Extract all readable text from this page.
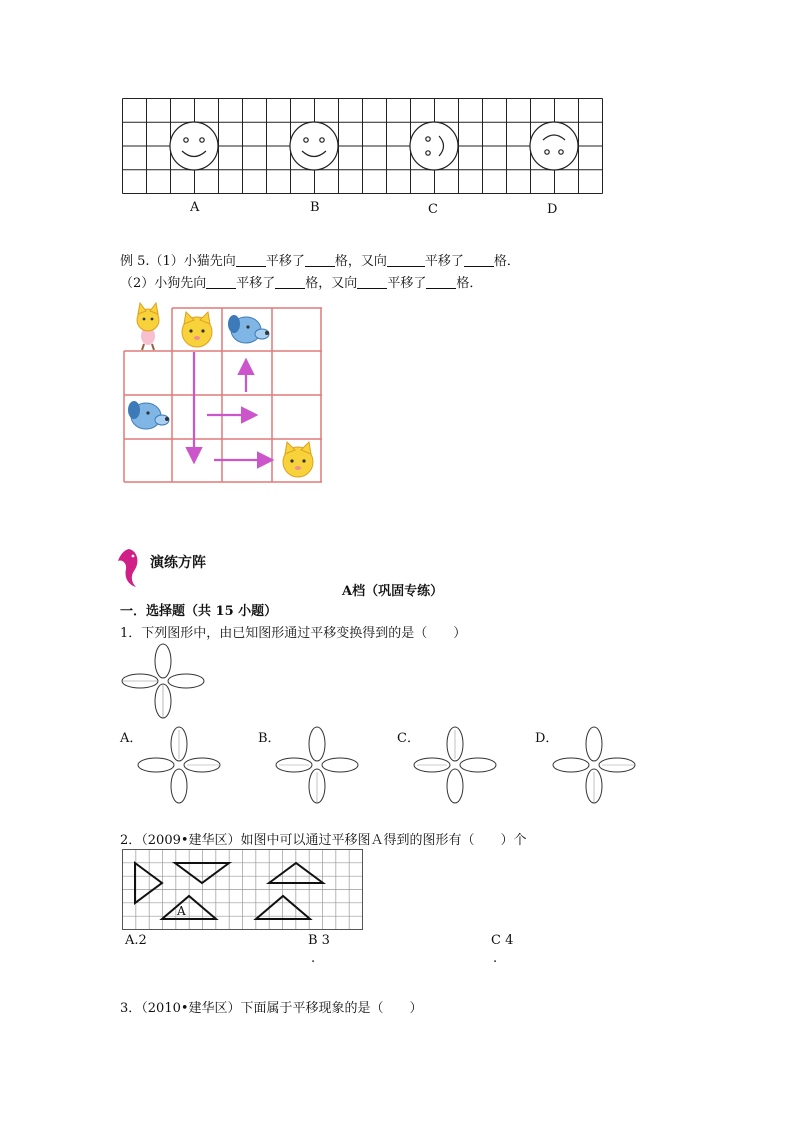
A	B	C	D
例 5.（1）小猫先向 平移了 格，又向	平移了 格．
（2）小狗先向 平移了 格，又向 平移了 格．
演练方阵
A档（巩固专练）
一．选择题（共 15 小题）
1．下列图形中，由已知图形通过平移变换得到的是（　　）
A．	B．	C．	D．
2．（2009•建华区）如图中可以通过平移图Ａ得到的图形有（　　）个
A
A.2	B 3	C 4
.	.
3．（2010•建华区）下面属于平移现象的是（　　）
